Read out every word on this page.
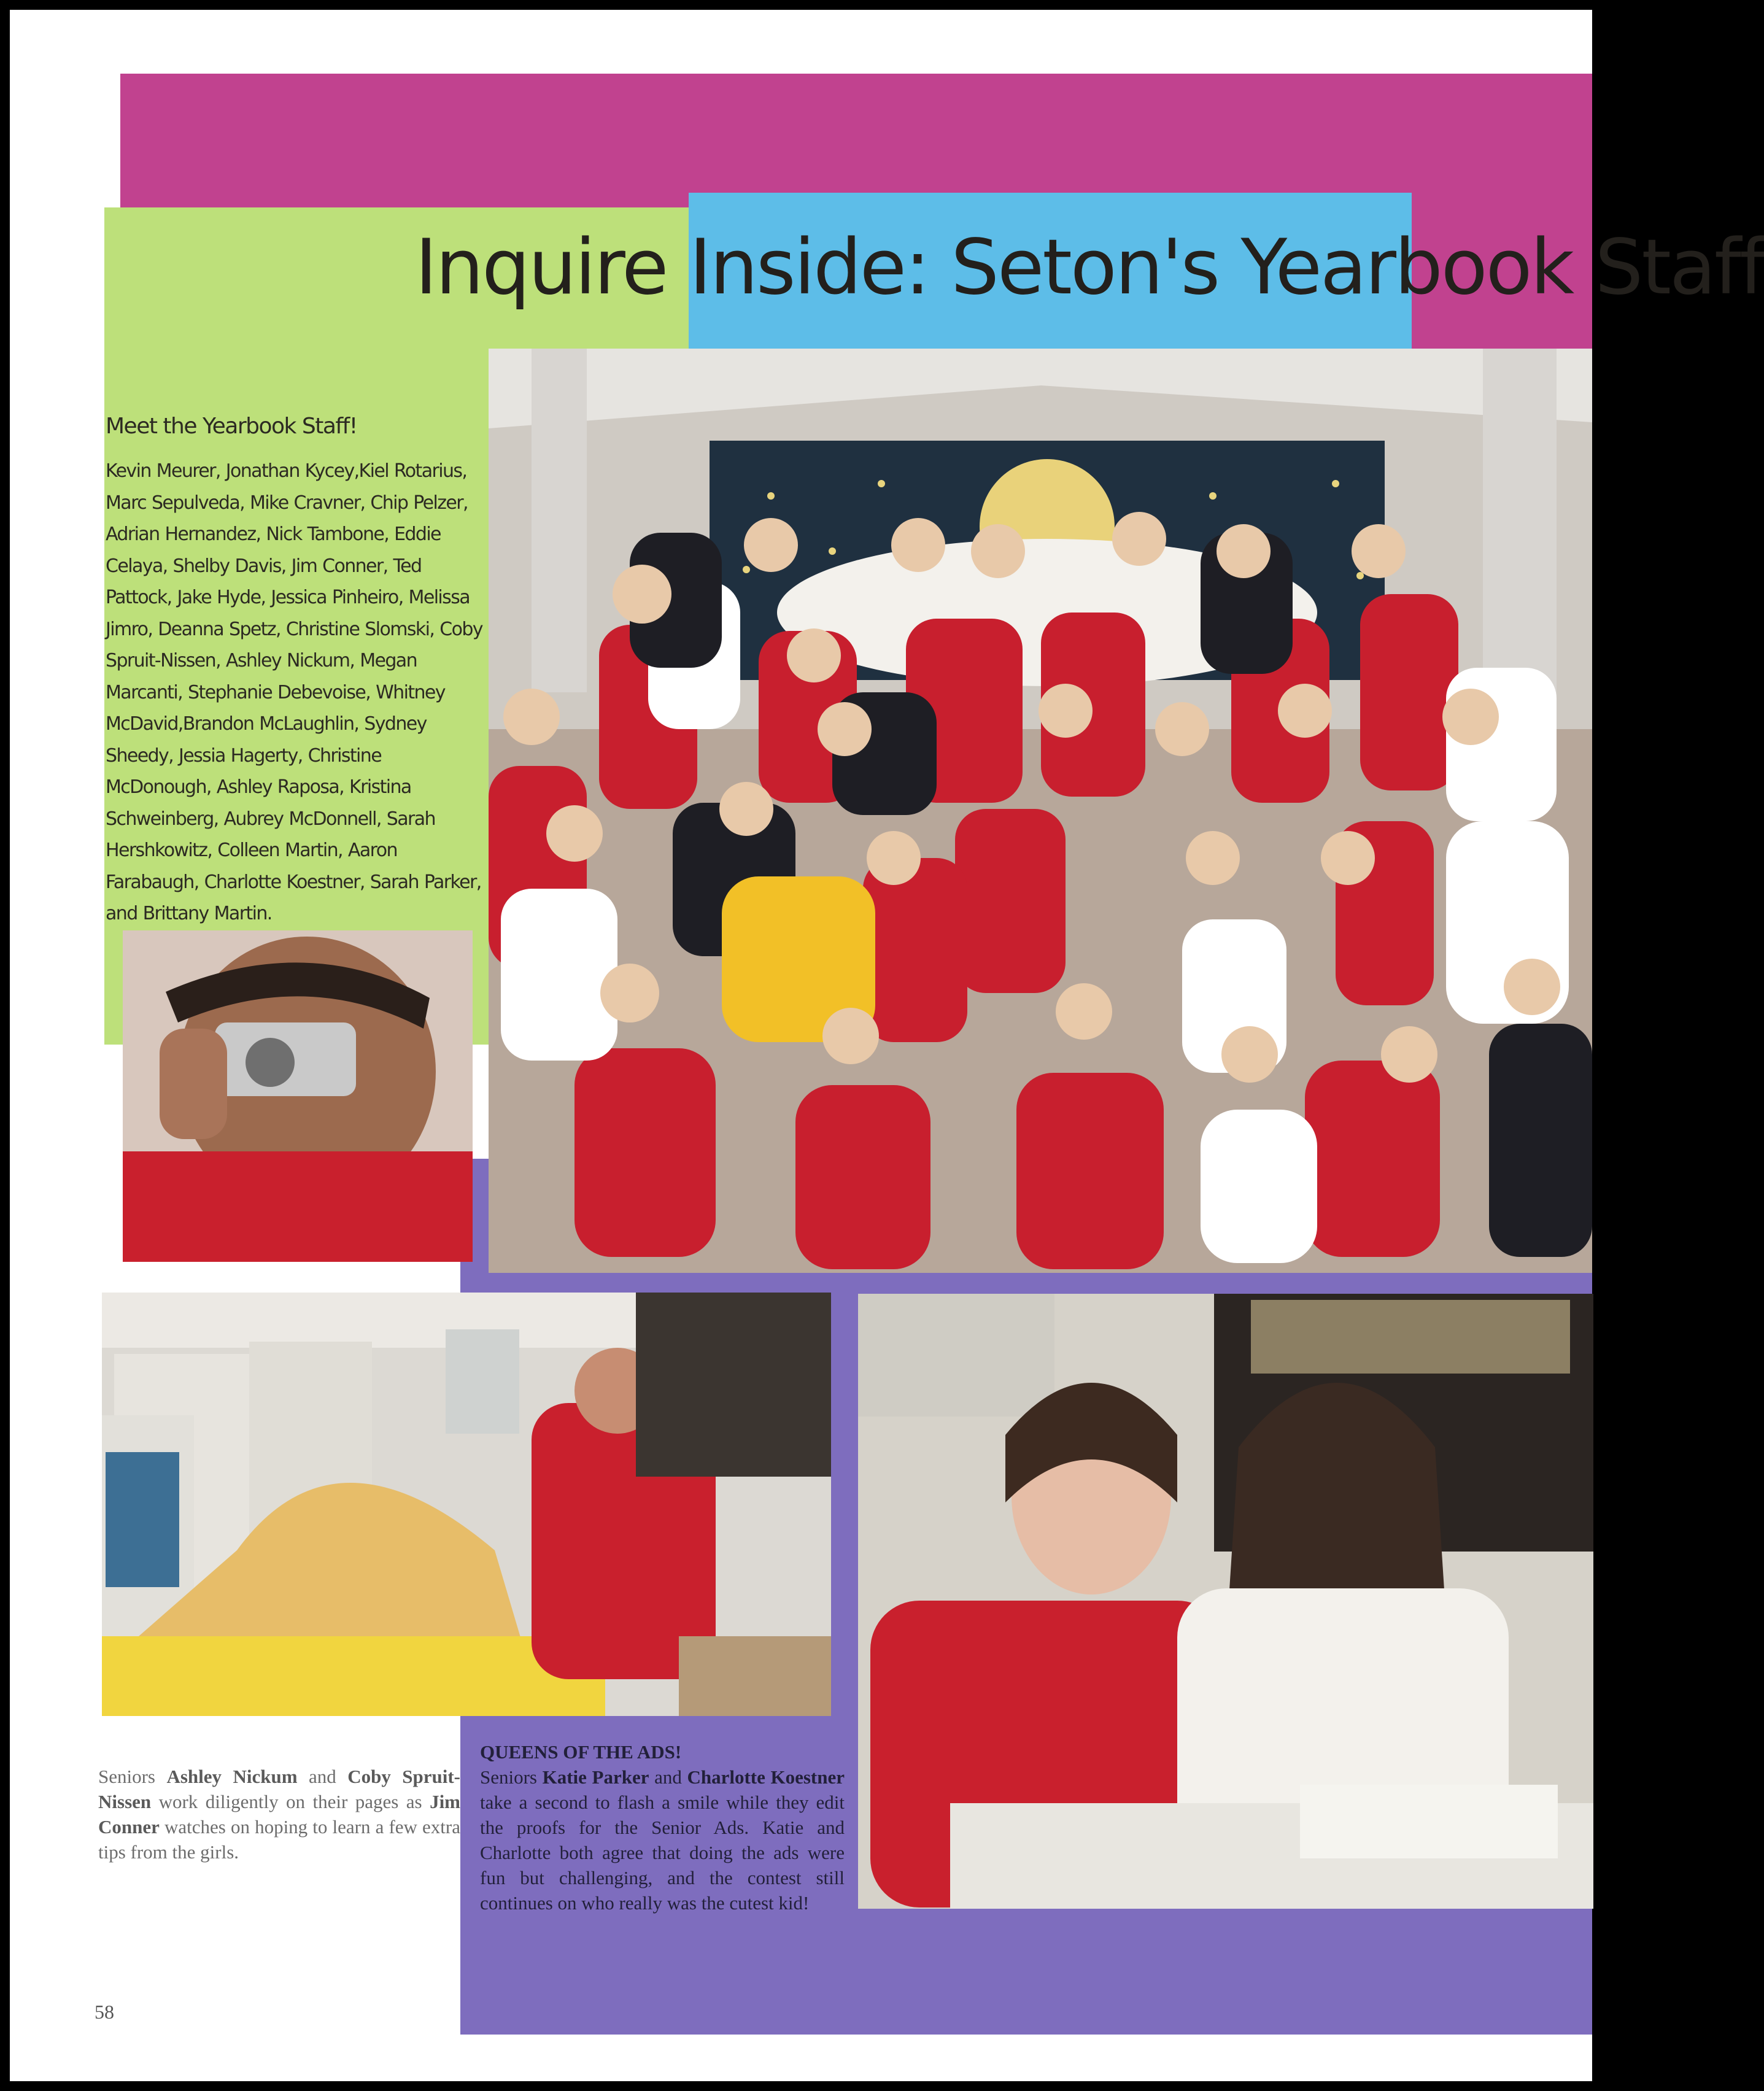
Inquire Inside: Seton's Yearbook Staff
Meet the Yearbook Staff!
Kevin Meurer, Jonathan Kycey,Kiel Rotarius, Marc Sepulveda, Mike Cravner, Chip Pelzer, Adrian Hernandez, Nick Tambone, Eddie Celaya, Shelby Davis, Jim Conner, Ted Pattock, Jake Hyde, Jessica Pinheiro, Melissa Jimro, Deanna Spetz, Christine Slomski, Coby Spruit-Nissen, Ashley Nickum, Megan Marcanti, Stephanie Debevoise, Whitney McDavid,Brandon McLaughlin, Sydney Sheedy, Jessia Hagerty, Christine McDonough, Ashley Raposa, Kristina Schweinberg, Aubrey McDonnell, Sarah Hershkowitz, Colleen Martin, Aaron Farabaugh, Charlotte Koestner, Sarah Parker, and Brittany Martin.
Seniors Ashley Nickum and Coby Spruit-Nissen work diligently on their pages as Jim Conner watches on hoping to learn a few extra tips from the girls.
QUEENS OF THE ADS!
Seniors Katie Parker and Charlotte Koestner take a second to flash a smile while they edit the proofs for the Senior Ads. Katie and Charlotte both agree that doing the ads were fun but challenging, and the contest still continues on who really was the cutest kid!
58
